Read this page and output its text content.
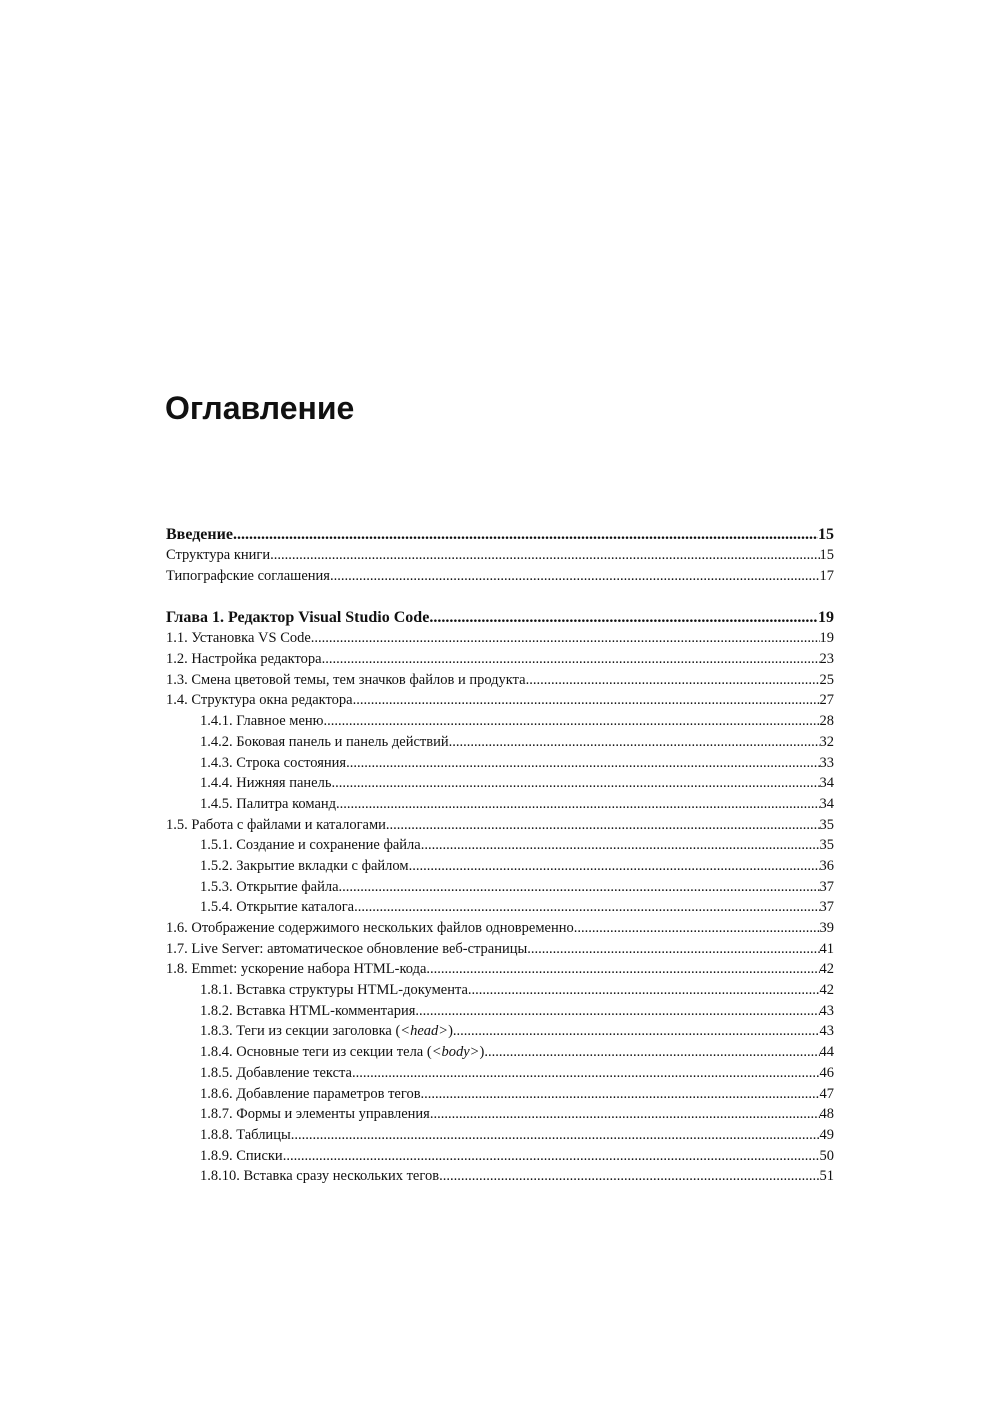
Оглавление
Введение .....	15
Структура книги .....	15
Типографские соглашения .....	17
Глава 1. Редактор Visual Studio Code .....	19
1.1. Установка VS Code .....	19
1.2. Настройка редактора .....	23
1.3. Смена цветовой темы, тем значков файлов и продукта .....	25
1.4. Структура окна редактора .....	27
1.4.1. Главное меню .....	28
1.4.2. Боковая панель и панель действий .....	32
1.4.3. Строка состояния .....	33
1.4.4. Нижняя панель .....	34
1.4.5. Палитра команд .....	34
1.5. Работа с файлами и каталогами .....	35
1.5.1. Создание и сохранение файла .....	35
1.5.2. Закрытие вкладки с файлом .....	36
1.5.3. Открытие файла .....	37
1.5.4. Открытие каталога .....	37
1.6. Отображение содержимого нескольких файлов одновременно .....	39
1.7. Live Server: автоматическое обновление веб-страницы .....	41
1.8. Emmet: ускорение набора HTML-кода .....	42
1.8.1. Вставка структуры HTML-документа .....	42
1.8.2. Вставка HTML-комментария .....	43
1.8.3. Теги из секции заголовка (<head>) .....	43
1.8.4. Основные теги из секции тела (<body>) .....	44
1.8.5. Добавление текста .....	46
1.8.6. Добавление параметров тегов .....	47
1.8.7. Формы и элементы управления .....	48
1.8.8. Таблицы .....	49
1.8.9. Списки .....	50
1.8.10. Вставка сразу нескольких тегов .....	51
